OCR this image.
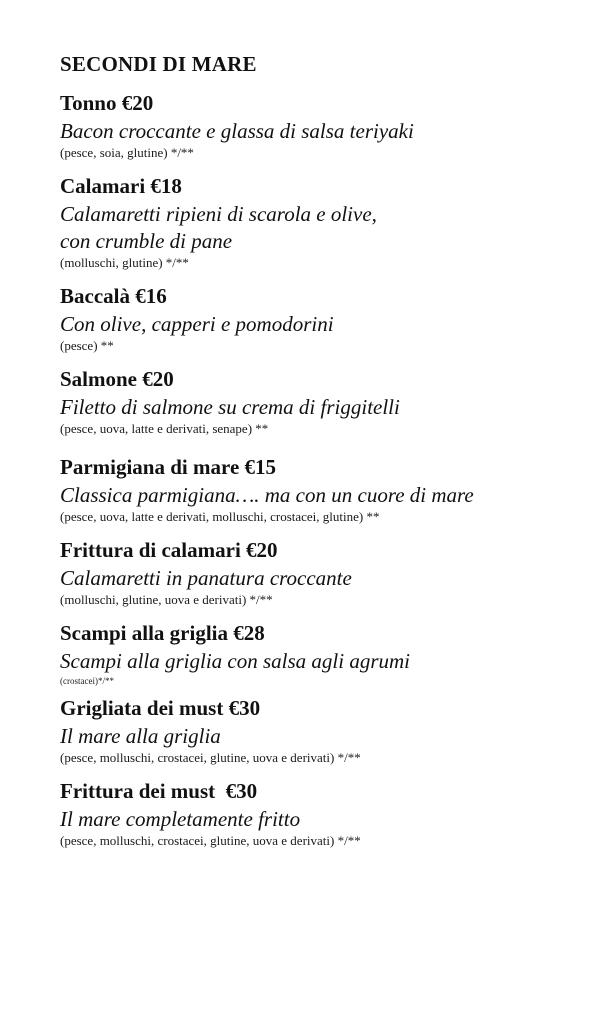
SECONDI DI MARE
Tonno €20
Bacon croccante e glassa di salsa teriyaki
(pesce, soia, glutine) */**
Calamari €18
Calamaretti ripieni di scarola e olive,
con crumble di pane
(molluschi, glutine) */**
Baccalà €16
Con olive, capperi e pomodorini
(pesce) **
Salmone €20
Filetto di salmone su crema di friggitelli
(pesce, uova, latte e derivati, senape) **
Parmigiana di mare €15
Classica parmigiana…. ma con un cuore di mare
(pesce, uova, latte e derivati, molluschi, crostacei, glutine) **
Frittura di calamari €20
Calamaretti in panatura croccante
(molluschi, glutine, uova e derivati) */**
Scampi alla griglia €28
Scampi alla griglia con salsa agli agrumi
(crostacei)*/**
Grigliata dei must €30
Il mare alla griglia
(pesce, molluschi, crostacei, glutine, uova e derivati) */**
Frittura dei must  €30
Il mare completamente fritto
(pesce, molluschi, crostacei, glutine, uova e derivati) */**
